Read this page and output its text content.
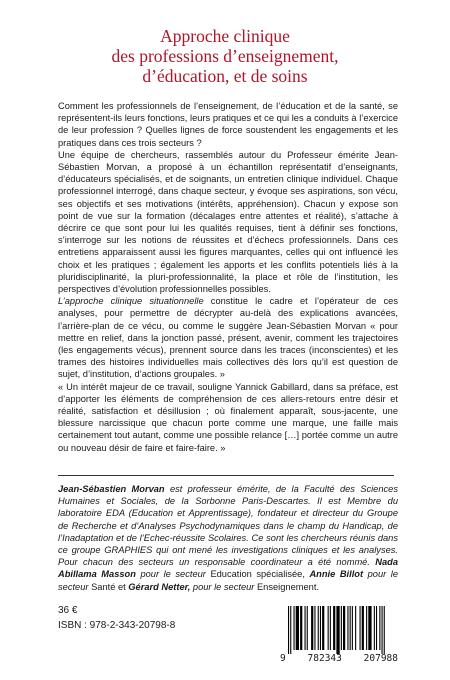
Approche clinique
des professions d’enseignement,
d’éducation, et de soins

Comment les professionnels de l’enseignement, de l’éducation et de la santé, se représentent-ils leurs fonctions, leurs pratiques et ce qui les a conduits à l’exercice de leur profession ? Quelles lignes de force soustendent les engagements et les pratiques dans ces trois secteurs ?

Une équipe de chercheurs, rassemblés autour du Professeur émérite Jean-Sébastien Morvan, a proposé à un échantillon représentatif d’enseignants, d’éducateurs spécialisés, et de soignants, un entretien clinique individuel. Chaque professionnel interrogé, dans chaque secteur, y évoque ses aspirations, son vécu, ses objectifs et ses motivations (intérêts, appréhension). Chacun y expose son point de vue sur la formation (décalages entre attentes et réalité), s’attache à décrire ce que sont pour lui les qualités requises, tient à définir ses fonctions, s’interroge sur les notions de réussites et d’échecs professionnels. Dans ces entretiens apparaissent aussi les figures marquantes, celles qui ont influencé les choix et les pratiques ; également les apports et les conflits potentiels liés à la pluridisciplinarité, la pluri-professionnalité, la place et rôle de l’institution, les perspectives d’évolution professionnelles possibles.

L’approche clinique situationnelle constitue le cadre et l’opérateur de ces analyses, pour permettre de décrypter au-delà des explications avancées, l’arrière-plan de ce vécu, ou comme le suggère Jean-Sébastien Morvan « pour mettre en relief, dans la jonction passé, présent, avenir, comment les trajectoires (les engagements vécus), prennent source dans les traces (inconscientes) et les trames des histoires individuelles mais collectives dès lors qu’il est question de sujet, d’institution, d’actions groupales. »

« Un intérêt majeur de ce travail, souligne Yannick Gabillard, dans sa préface, est d’apporter les éléments de compréhension de ces allers-retours entre désir et réalité, satisfaction et désillusion ; où finalement apparaît, sous-jacente, une blessure narcissique que chacun porte comme une marque, une faille mais certainement tout autant, comme une possible relance […] portée comme un autre ou nouveau désir de faire et faire-faire. »

Jean-Sébastien Morvan est professeur émérite, de la Faculté des Sciences Humaines et Sociales, de la Sorbonne Paris-Descartes. Il est Membre du laboratoire EDA (Education et Apprentissage), fondateur et directeur du Groupe de Recherche et d’Analyses Psychodynamiques dans le champ du Handicap, de l’Inadaptation et de l’Echec-réussite Scolaires. Ce sont les chercheurs réunis dans ce groupe GRAPHIES qui ont mené les investigations cliniques et les analyses. Pour chacun des secteurs un responsable coordinateur a été nommé. Nada Abillama Masson pour le secteur Education spécialisée, Annie Billot pour le secteur Santé et Gérard Netter, pour le secteur Enseignement.
36 €
ISBN : 978-2-343-20798-8
9 782343 207988
